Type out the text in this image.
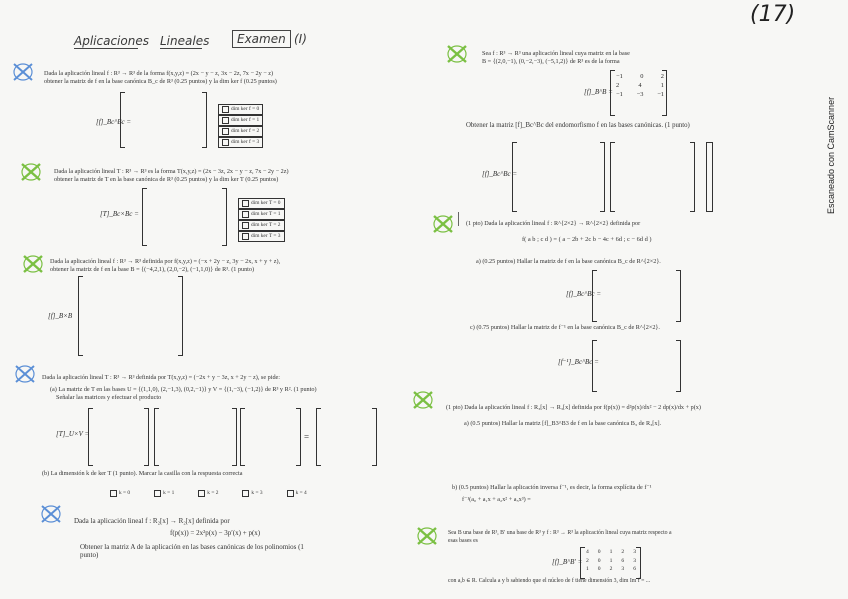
Aplicaciones Lineales	Examen (I)
(17)
Escaneado con CamScanner
Dada la aplicación lineal f : R³ → R³ de la forma f(x,y,z) = (2x − y − z, 3x − 2z, 7x − 2y − z)
obtener la matriz de f en la base canónica B_c de R³ (0.25 puntos) y la dim ker f (0.25 puntos)
[f]_Bc^Bc =
dim ker f = 0
dim ker f = 1
dim ker f = 2
dim ker f = 3
Dada la aplicación lineal T : R³ → R³ es la forma T(x,y,z) = (2x − 3z, 2x − y − z, 7x − 2y − 2z)
obtener la matriz de T en la base canónica de R³ (0.25 puntos) y la dim ker T (0.25 puntos)
[T]_Bc×Bc =
dim ker T = 0
dim ker T = 1
dim ker T = 2
dim ker T = 3
Dada la aplicación lineal f : R³ → R³ definida por f(x,y,z) = (−x + 2y − z, 3y − 2x, x + y + z),
obtener la matriz de f en la base B = {(−4,2,1), (2,0,−2), (−1,1,0)} de R³. (1 punto)
[f]_B×B
Dada la aplicación lineal T : R³ → R³ definida por T(x,y,z) = (−2x + y − 3z, x + 2y − z), se pide:
(a) La matriz de T en las bases U = {(1,1,0), (2,−1,3), (0,2,−1)} y V = {(1,−3), (−1,2)} de R³ y R². (1 punto)
Señalar las matrices y efectuar el producto
[T]_U×V =	=
(b) La dimensión k de ker T (1 punto). Marcar la casilla con la respuesta correcta
k = 0	k = 1	k = 2	k = 3	k = 4
Dada la aplicación lineal f : R₂[x] → R₂[x] definida por
f(p(x)) = 2x²p(x) − 3p′(x) + p(x)
Obtener la matriz A de la aplicación en las bases canónicas de los polinomios (1
punto)
Sea f : R³ → R³ una aplicación lineal cuya matriz en la base
B = {(2,0,−1), (0,−2,−3), (−5,1,2)} de R³ es de la forma
[f]_B^B =
−1	0	2
2	4	1
−1 −3 −1
Obtener la matriz [f]_Bc^Bc del endomorfismo f en las bases canónicas. (1 punto)
[f]_Bc^Bc =
(1 pto) Dada la aplicación lineal f : R^{2×2} → R^{2×2} definida por
f( a b ; c d ) = ( a − 2b + 2c b − 4c + 6d ; c − 6d d )
a) (0.25 puntos) Hallar la matriz de f en la base canónica B_c de R^{2×2}.
[f]_Bc^Bc =
c) (0.75 puntos) Hallar la matriz de f⁻¹ en la base canónica B_c de R^{2×2}.
[f⁻¹]_Bc^Bc =
(1 pto) Dada la aplicación lineal f : R₃[x] → R₃[x] definida por f(p(x)) = d²p(x)/dx² − 2 dp(x)/dx + p(x)
a) (0.5 puntos) Hallar la matriz [f]_B3^B3 de f en la base canónica B₃ de R₃[x].
b) (0.5 puntos) Hallar la aplicación inversa f⁻¹, es decir, la forma explícita de f⁻¹
f⁻¹(a₀ + a₁x + a₂x² + a₃x³) =
Sea B una base de R³, B′ una base de R³ y f : R³ → R³ la aplicación lineal cuya matriz respecto a
esas bases es
[f]_B^B′ =
4 0 1 2 3
2 0 1 6 3
1 0 2 3 6
con a,b ∈ R. Calcula a y b sabiendo que el núcleo de f tiene dimensión 3, dim Im f = ...
